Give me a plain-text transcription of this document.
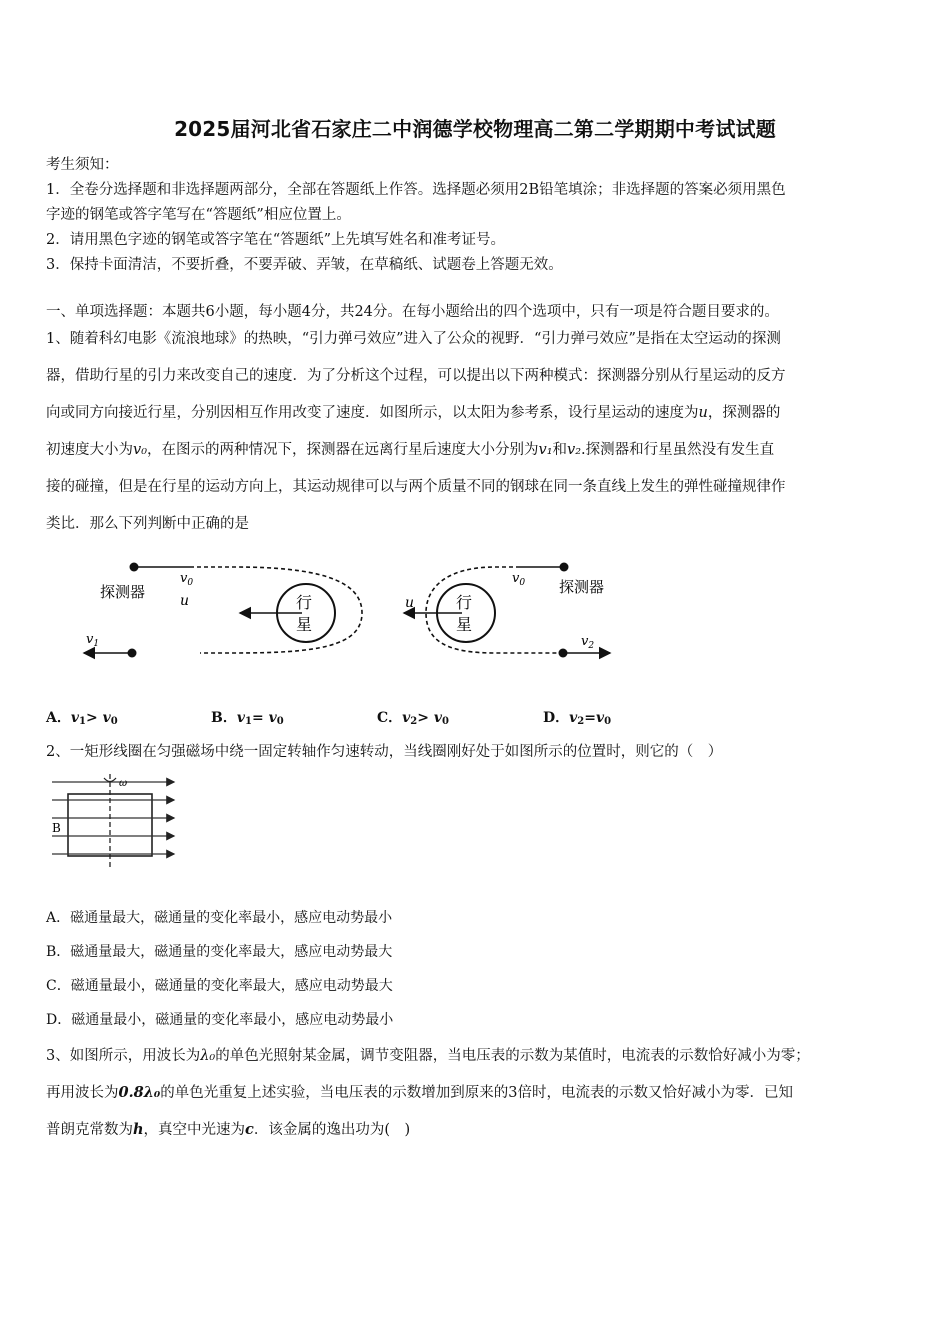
2025届河北省石家庄二中润德学校物理高二第二学期期中考试试题
考生须知：
1．全卷分选择题和非选择题两部分，全部在答题纸上作答。选择题必须用2B铅笔填涂；非选择题的答案必须用黑色
字迹的钢笔或答字笔写在“答题纸”相应位置上。
2．请用黑色字迹的钢笔或答字笔在“答题纸”上先填写姓名和准考证号。
3．保持卡面清洁，不要折叠，不要弄破、弄皱，在草稿纸、试题卷上答题无效。
一、单项选择题：本题共6小题，每小题4分，共24分。在每小题给出的四个选项中，只有一项是符合题目要求的。
1、随着科幻电影《流浪地球》的热映，“引力弹弓效应”进入了公众的视野．“引力弹弓效应”是指在太空运动的探测
器，借助行星的引力来改变自己的速度．为了分析这个过程，可以提出以下两种模式：探测器分别从行星运动的反方
向或同方向接近行星，分别因相互作用改变了速度．如图所示，以太阳为参考系，设行星运动的速度为u，探测器的
初速度大小为v₀，在图示的两种情况下，探测器在远离行星后速度大小分别为v₁和v₂.探测器和行星虽然没有发生直
接的碰撞，但是在行星的运动方向上，其运动规律可以与两个质量不同的钢球在同一条直线上发生的弹性碰撞规律作
类比．那么下列判断中正确的是
行
星
$v_0$
探测器 u
$v_1$
行
星
$v_0$ 探测器
u
$v_2$
A．$v_1> v_0$	B．$v_1= v_0$	C．$v_2> v_0$	D．$v_2=v_0$
2、一矩形线圈在匀强磁场中绕一固定转轴作匀速转动，当线圈刚好处于如图所示的位置时，则它的（　）
ω
B
A．磁通量最大，磁通量的变化率最小，感应电动势最小
B．磁通量最大，磁通量的变化率最大，感应电动势最大
C．磁通量最小，磁通量的变化率最大，感应电动势最大
D．磁通量最小，磁通量的变化率最小，感应电动势最小
3、如图所示，用波长为λ₀的单色光照射某金属，调节变阻器，当电压表的示数为某值时，电流表的示数恰好减小为零；
再用波长为0.8λ₀的单色光重复上述实验，当电压表的示数增加到原来的3倍时，电流表的示数又恰好减小为零．已知
普朗克常数为h，真空中光速为c．该金属的逸出功为(　)
